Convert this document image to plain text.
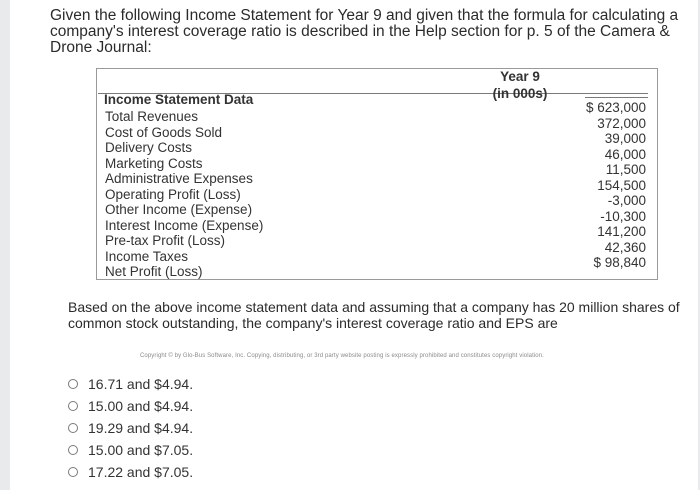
Given the following Income Statement for Year 9 and given that the formula for calculating a company's interest coverage ratio is described in the Help section for p. 5 of the Camera & Drone Journal:
Year 9
(in 000s)
Income Statement Data
Total Revenues
Cost of Goods Sold
Delivery Costs
Marketing Costs
Administrative Expenses
Operating Profit (Loss)
Other Income (Expense)
Interest Income (Expense)
Pre-tax Profit (Loss)
Income Taxes
Net Profit (Loss)
$ 623,000
372,000
39,000
46,000
11,500
154,500
-3,000
-10,300
141,200
42,360
$ 98,840
Based on the above income statement data and assuming that a company has 20 million shares of common stock outstanding, the company's interest coverage ratio and EPS are
Copyright © by Glo-Bus Software, Inc. Copying, distributing, or 3rd party website posting is expressly prohibited and constitutes copyright violation.
16.71 and $4.94.
15.00 and $4.94.
19.29 and $4.94.
15.00 and $7.05.
17.22 and $7.05.
